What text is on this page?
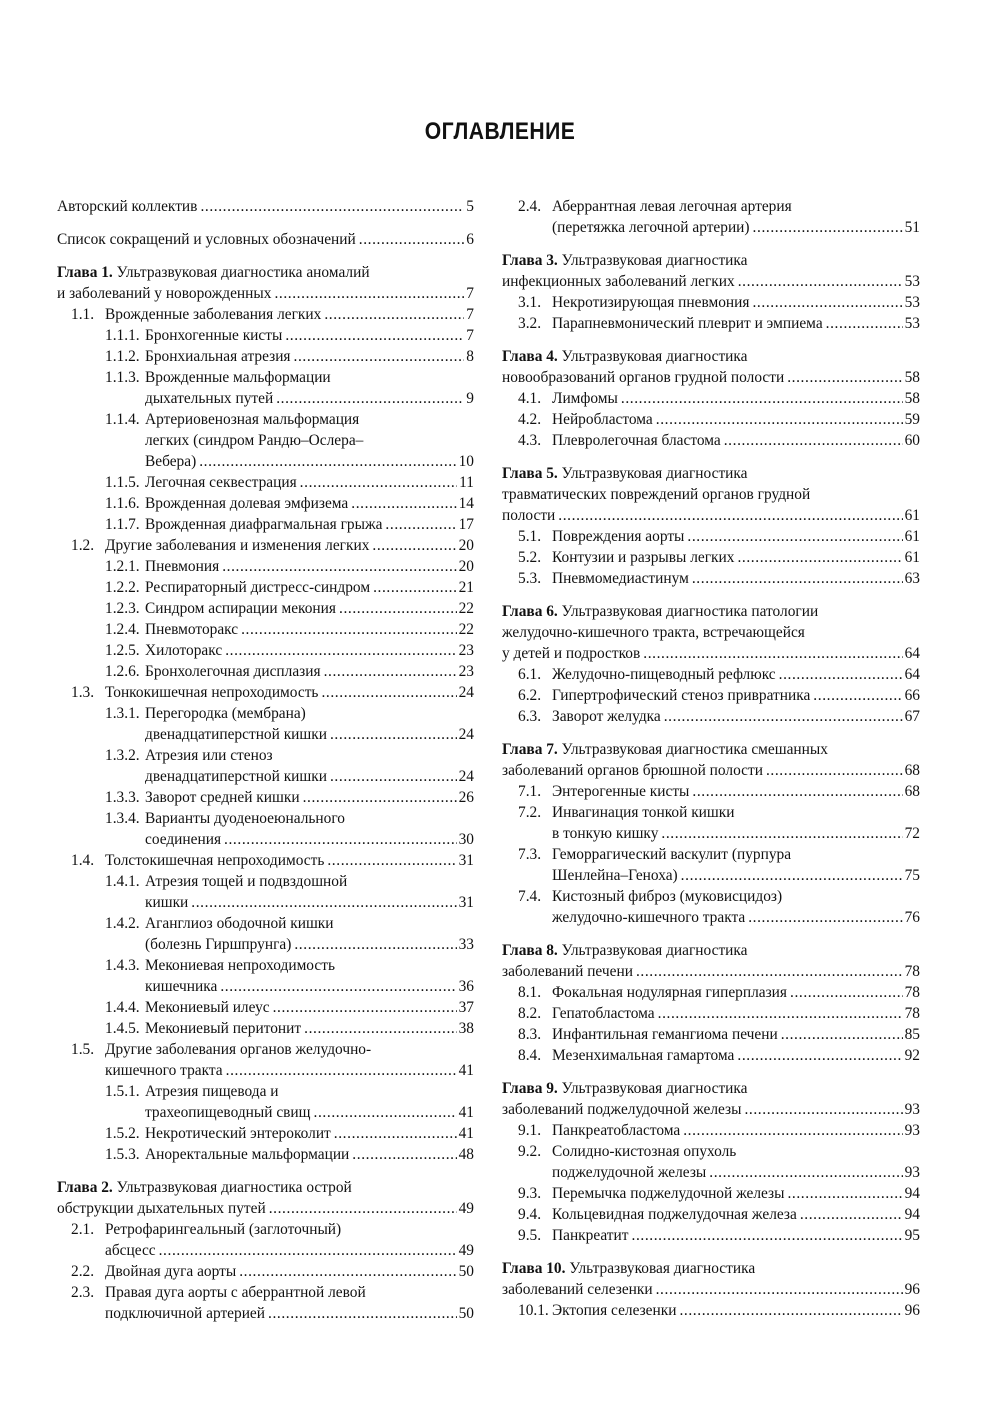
ОГЛАВЛЕНИЕ
Авторский коллектив .....	5
Список сокращений и условных обозначений .....	6
Глава 1. Ультразвуковая диагностика аномалий
и заболеваний у новорожденных .....	7
1.1. Врожденные заболевания легких .....	7
1.1.1. Бронхогенные кисты .....	7
1.1.2. Бронхиальная атрезия .....	8
1.1.3. Врожденные мальформации
дыхательных путей .....	9
1.1.4. Артериовенозная мальформация
легких (синдром Рандю–Ослера–
Вебера) .....	10
1.1.5. Легочная секвестрация .....	11
1.1.6. Врожденная долевая эмфизема .....	14
1.1.7. Врожденная диафрагмальная грыжа .....	17
1.2. Другие заболевания и изменения легких .....	20
1.2.1. Пневмония .....	20
1.2.2. Респираторный дистресс-синдром .....	21
1.2.3. Синдром аспирации мекония .....	22
1.2.4. Пневмоторакс .....	22
1.2.5. Хилоторакс .....	23
1.2.6. Бронхолегочная дисплазия .....	23
1.3. Тонкокишечная непроходимость .....	24
1.3.1. Перегородка (мембрана)
двенадцатиперстной кишки .....	24
1.3.2. Атрезия или стеноз
двенадцатиперстной кишки .....	24
1.3.3. Заворот средней кишки .....	26
1.3.4. Варианты дуоденоеюнального
соединения .....	30
1.4. Толстокишечная непроходимость .....	31
1.4.1. Атрезия тощей и подвздошной
кишки .....	31
1.4.2. Аганглиоз ободочной кишки
(болезнь Гиршпрунга) .....	33
1.4.3. Мекониевая непроходимость
кишечника .....	36
1.4.4. Мекониевый илеус .....	37
1.4.5. Мекониевый перитонит .....	38
1.5. Другие заболевания органов желудочно-
кишечного тракта .....	41
1.5.1. Атрезия пищевода и
трахеопищеводный свищ .....	41
1.5.2. Некротический энтероколит .....	41
1.5.3. Аноректальные мальформации .....	48
Глава 2. Ультразвуковая диагностика острой
обструкции дыхательных путей .....	49
2.1. Ретрофарингеальный (заглоточный)
абсцесс .....	49
2.2. Двойная дуга аорты .....	50
2.3. Правая дуга аорты с аберрантной левой
подключичной артерией .....	50
2.4. Аберрантная левая легочная артерия
(перетяжка легочной артерии) .....	51
Глава 3. Ультразвуковая диагностика
инфекционных заболеваний легких .....	53
3.1. Некротизирующая пневмония .....	53
3.2. Парапневмонический плеврит и эмпиема .....	53
Глава 4. Ультразвуковая диагностика
новообразований органов грудной полости .....	58
4.1. Лимфомы .....	58
4.2. Нейробластома .....	59
4.3. Плевролегочная бластома .....	60
Глава 5. Ультразвуковая диагностика
травматических повреждений органов грудной
полости .....	61
5.1. Повреждения аорты .....	61
5.2. Контузии и разрывы легких .....	61
5.3. Пневмомедиастинум .....	63
Глава 6. Ультразвуковая диагностика патологии
желудочно-кишечного тракта, встречающейся
у детей и подростков .....	64
6.1. Желудочно-пищеводный рефлюкс .....	64
6.2. Гипертрофический стеноз привратника .....	66
6.3. Заворот желудка .....	67
Глава 7. Ультразвуковая диагностика смешанных
заболеваний органов брюшной полости .....	68
7.1. Энтерогенные кисты .....	68
7.2. Инвагинация тонкой кишки
в тонкую кишку .....	72
7.3. Геморрагический васкулит (пурпура
Шенлейна–Геноха) .....	75
7.4. Кистозный фиброз (муковисцидоз)
желудочно-кишечного тракта .....	76
Глава 8. Ультразвуковая диагностика
заболеваний печени .....	78
8.1. Фокальная нодулярная гиперплазия .....	78
8.2. Гепатобластома .....	78
8.3. Инфантильная гемангиома печени .....	85
8.4. Мезенхимальная гамартома .....	92
Глава 9. Ультразвуковая диагностика
заболеваний поджелудочной железы .....	93
9.1. Панкреатобластома .....	93
9.2. Солидно-кистозная опухоль
поджелудочной железы .....	93
9.3. Перемычка поджелудочной железы .....	94
9.4. Кольцевидная поджелудочная железа .....	94
9.5. Панкреатит .....	95
Глава 10. Ультразвуковая диагностика
заболеваний селезенки .....	96
10.1. Эктопия селезенки .....	96
